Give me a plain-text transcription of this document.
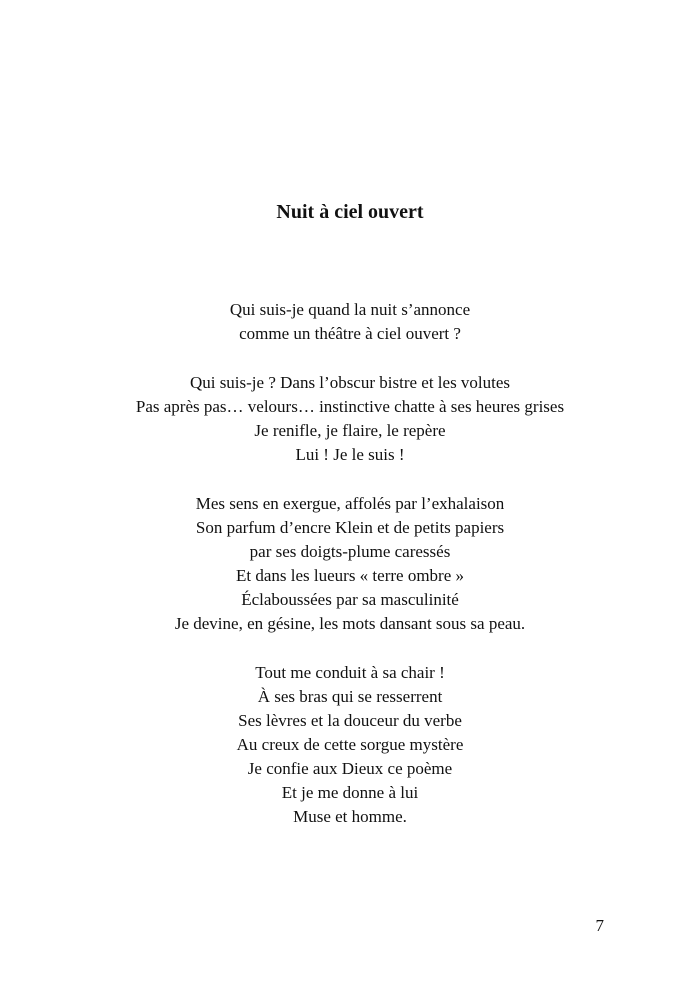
Nuit à ciel ouvert
Qui suis-je quand la nuit s’annonce
comme un théâtre à ciel ouvert ?
Qui suis-je ? Dans l’obscur bistre et les volutes
Pas après pas… velours… instinctive chatte à ses heures grises
Je renifle, je flaire, le repère
Lui ! Je le suis !
Mes sens en exergue, affolés par l’exhalaison
Son parfum d’encre Klein et de petits papiers
par ses doigts-plume caressés
Et dans les lueurs « terre ombre »
Éclaboussées par sa masculinité
Je devine, en gésine, les mots dansant sous sa peau.
Tout me conduit à sa chair !
À ses bras qui se resserrent
Ses lèvres et la douceur du verbe
Au creux de cette sorgue mystère
Je confie aux Dieux ce poème
Et je me donne à lui
Muse et homme.
7
